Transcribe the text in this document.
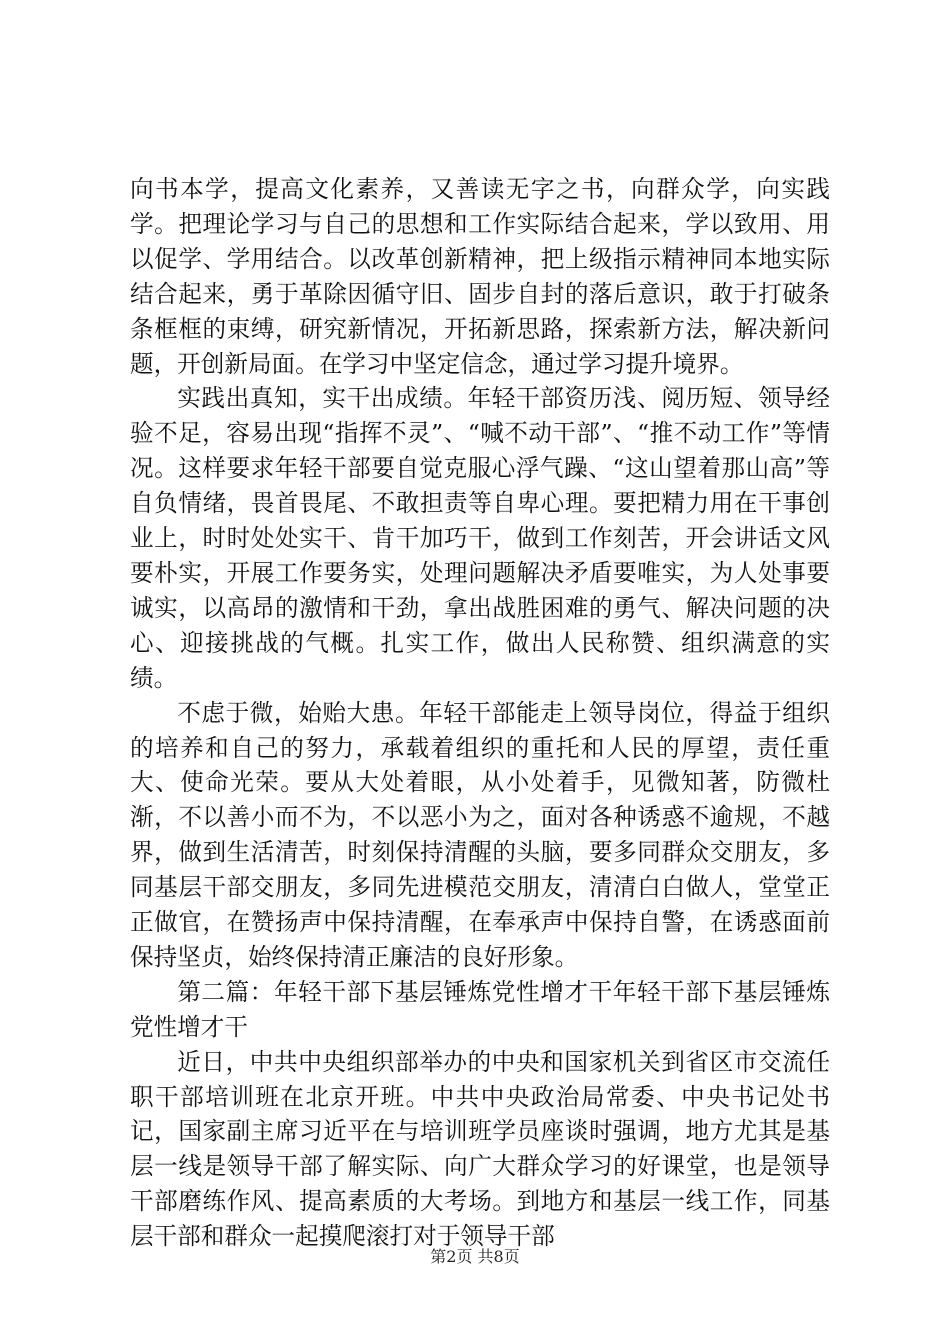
向书本学，提高文化素养，又善读无字之书，向群众学，向实践学。把理论学习与自己的思想和工作实际结合起来，学以致用、用以促学、学用结合。以改革创新精神，把上级指示精神同本地实际结合起来，勇于革除因循守旧、固步自封的落后意识，敢于打破条条框框的束缚，研究新情况，开拓新思路，探索新方法，解决新问题，开创新局面。在学习中坚定信念，通过学习提升境界。

实践出真知，实干出成绩。年轻干部资历浅、阅历短、领导经验不足，容易出现“指挥不灵”、“喊不动干部”、“推不动工作”等情况。这样要求年轻干部要自觉克服心浮气躁、“这山望着那山高”等自负情绪，畏首畏尾、不敢担责等自卑心理。要把精力用在干事创业上，时时处处实干、肯干加巧干，做到工作刻苦，开会讲话文风要朴实，开展工作要务实，处理问题解决矛盾要唯实，为人处事要诚实，以高昂的激情和干劲，拿出战胜困难的勇气、解决问题的决心、迎接挑战的气概。扎实工作，做出人民称赞、组织满意的实绩。

不虑于微，始贻大患。年轻干部能走上领导岗位，得益于组织的培养和自己的努力，承载着组织的重托和人民的厚望，责任重大、使命光荣。要从大处着眼，从小处着手，见微知著，防微杜渐，不以善小而不为，不以恶小为之，面对各种诱惑不逾规，不越界，做到生活清苦，时刻保持清醒的头脑，要多同群众交朋友，多同基层干部交朋友，多同先进模范交朋友，清清白白做人，堂堂正正做官，在赞扬声中保持清醒，在奉承声中保持自警，在诱惑面前保持坚贞，始终保持清正廉洁的良好形象。

第二篇：年轻干部下基层锤炼党性增才干年轻干部下基层锤炼党性增才干

近日，中共中央组织部举办的中央和国家机关到省区市交流任职干部培训班在北京开班。中共中央政治局常委、中央书记处书记，国家副主席习近平在与培训班学员座谈时强调，地方尤其是基层一线是领导干部了解实际、向广大群众学习的好课堂，也是领导干部磨练作风、提高素质的大考场。到地方和基层一线工作，同基层干部和群众一起摸爬滚打对于领导干部

第2页 共8页
